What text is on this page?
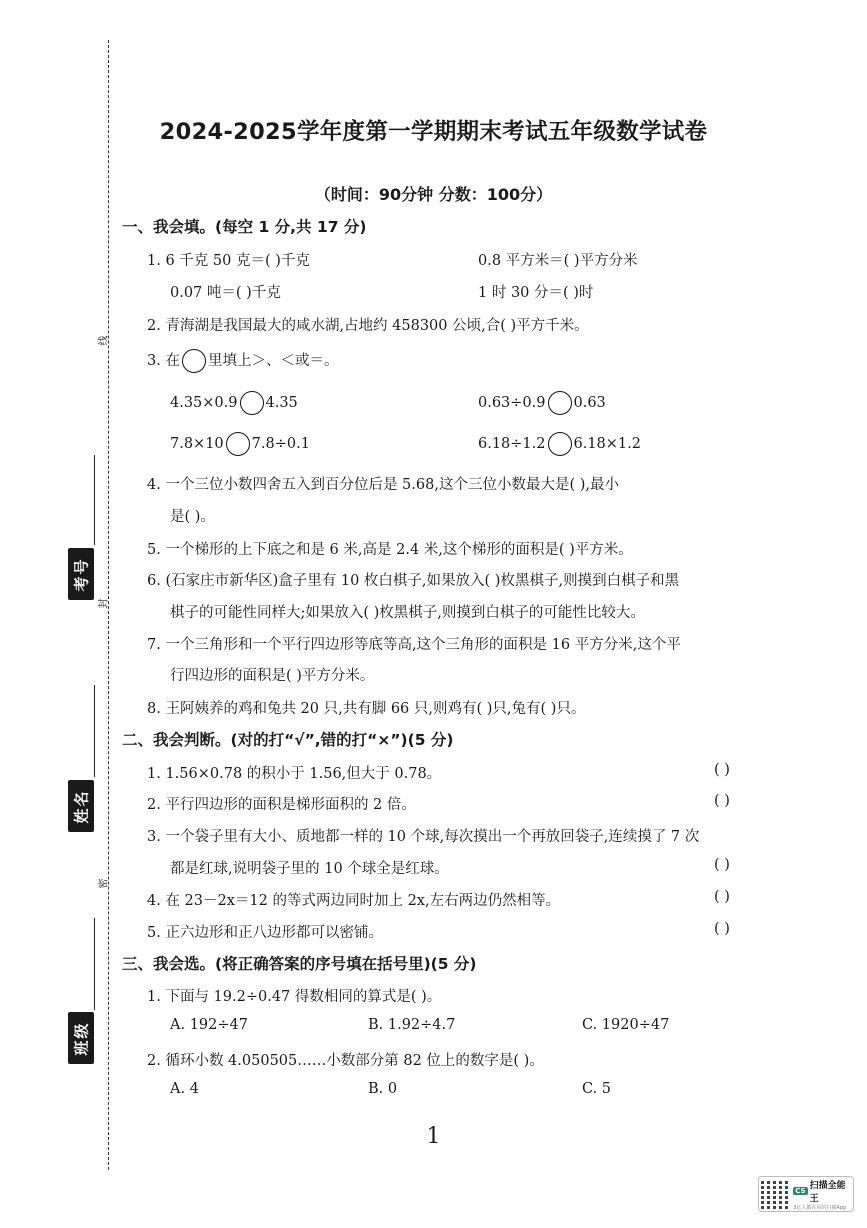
线
封
密
考号
姓名
班级
2024-2025学年度第一学期期末考试五年级数学试卷
（时间：90分钟 分数：100分）
一、我会填。(每空 1 分,共 17 分)
1. 6 千克 50 克＝( )千克	0.8 平方米＝( )平方分米
0.07 吨＝( )千克	1 时 30 分＝( )时
2. 青海湖是我国最大的咸水湖,占地约 458300 公顷,合( )平方千米。
3. 在 里填上＞、＜或＝。
4.35×0.9 4.35	0.63÷0.9 0.63
7.8×10 7.8÷0.1	6.18÷1.2 6.18×1.2
4. 一个三位小数四舍五入到百分位后是 5.68,这个三位小数最大是( ),最小
是( )。
5. 一个梯形的上下底之和是 6 米,高是 2.4 米,这个梯形的面积是( )平方米。
6. (石家庄市新华区)盒子里有 10 枚白棋子,如果放入( )枚黑棋子,则摸到白棋子和黑
棋子的可能性同样大;如果放入( )枚黑棋子,则摸到白棋子的可能性比较大。
7. 一个三角形和一个平行四边形等底等高,这个三角形的面积是 16 平方分米,这个平
行四边形的面积是( )平方分米。
8. 王阿姨养的鸡和兔共 20 只,共有脚 66 只,则鸡有( )只,兔有( )只。
二、我会判断。(对的打“√”,错的打“×”)(5 分)
1. 1.56×0.78 的积小于 1.56,但大于 0.78。	( )
2. 平行四边形的面积是梯形面积的 2 倍。	( )
3. 一个袋子里有大小、质地都一样的 10 个球,每次摸出一个再放回袋子,连续摸了 7 次
都是红球,说明袋子里的 10 个球全是红球。	( )
4. 在 23－2x＝12 的等式两边同时加上 2x,左右两边仍然相等。	( )
5. 正六边形和正八边形都可以密铺。	( )
三、我会选。(将正确答案的序号填在括号里)(5 分)
1. 下面与 19.2÷0.47 得数相同的算式是( )。
A. 192÷47	B. 1.92÷4.7	C. 1920÷47
2. 循环小数 4.050505……小数部分第 82 位上的数字是( )。
A. 4	B. 0	C. 5
1
CS 扫描全能王
3亿人都在用的扫描App
